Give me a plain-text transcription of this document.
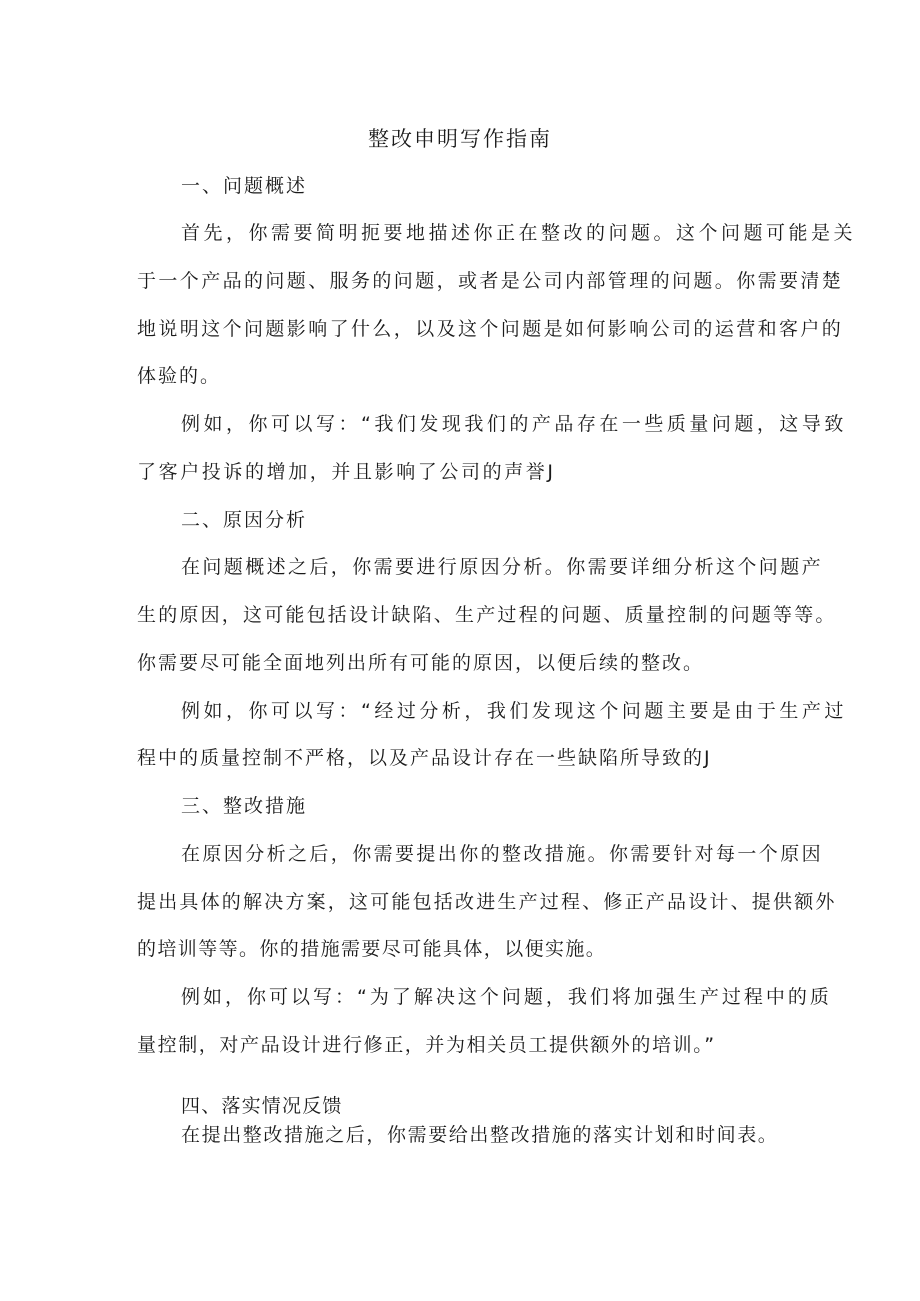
整改申明写作指南
一、问题概述
首先，你需要简明扼要地描述你正在整改的问题。这个问题可能是关
于一个产品的问题、服务的问题，或者是公司内部管理的问题。你需要清楚
地说明这个问题影响了什么，以及这个问题是如何影响公司的运营和客户的
体验的。
例如，你可以写：“我们发现我们的产品存在一些质量问题，这导致
了客户投诉的增加，并且影响了公司的声誉J
二、原因分析
在问题概述之后，你需要进行原因分析。你需要详细分析这个问题产
生的原因，这可能包括设计缺陷、生产过程的问题、质量控制的问题等等。
你需要尽可能全面地列出所有可能的原因，以便后续的整改。
例如，你可以写：“经过分析，我们发现这个问题主要是由于生产过
程中的质量控制不严格，以及产品设计存在一些缺陷所导致的J
三、整改措施
在原因分析之后，你需要提出你的整改措施。你需要针对每一个原因
提出具体的解决方案，这可能包括改进生产过程、修正产品设计、提供额外
的培训等等。你的措施需要尽可能具体，以便实施。
例如，你可以写：“为了解决这个问题，我们将加强生产过程中的质
量控制，对产品设计进行修正，并为相关员工提供额外的培训。”
四、落实情况反馈
在提出整改措施之后，你需要给出整改措施的落实计划和时间表。
